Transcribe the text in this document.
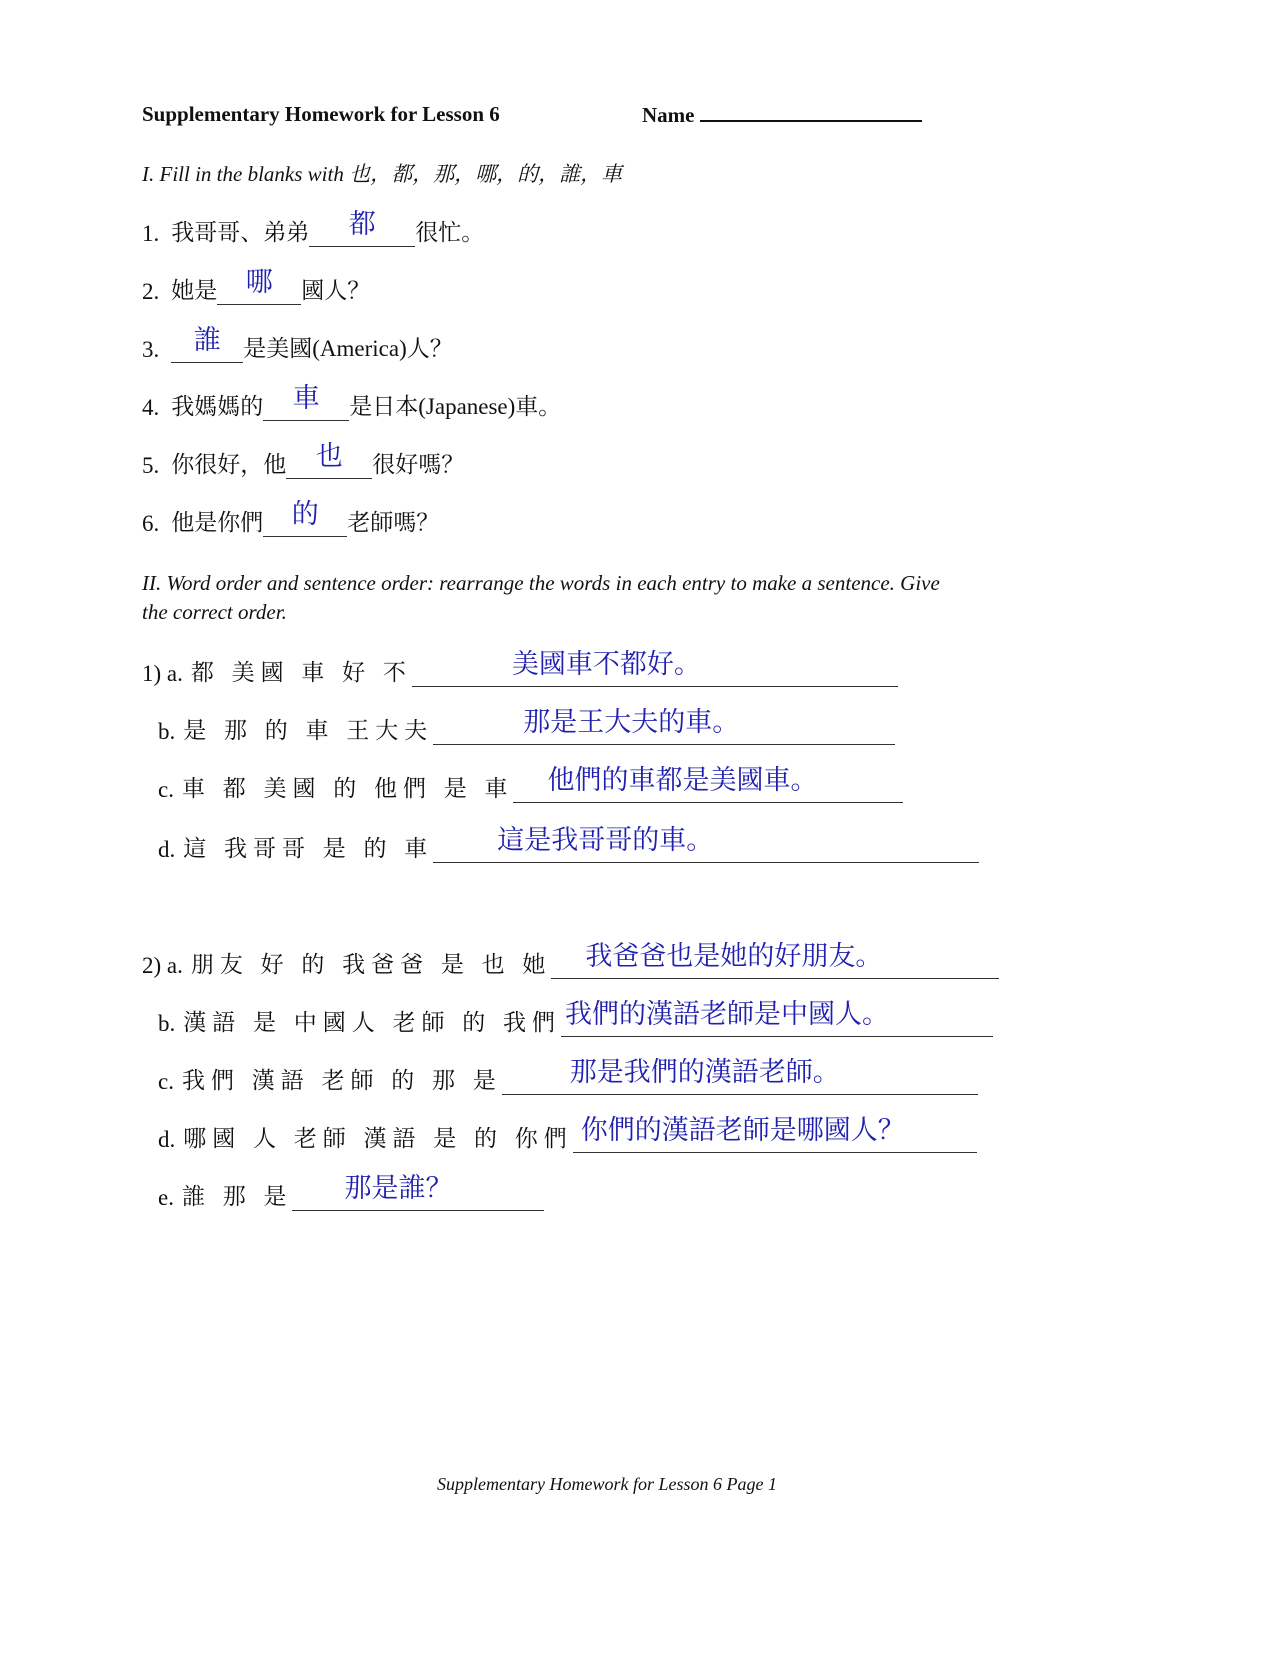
Supplementary Homework for Lesson 6	Name
I. Fill in the blanks with 也，都，那，哪，的，誰，車
1. 我哥哥、弟弟	都	很忙。
2. 她是	哪	國人？
3.	誰 是美國(America)人？
4. 我媽媽的	車	是日本(Japanese)車。
5. 你很好，他	也	很好嗎？
6. 他是你們	的	老師嗎？
II. Word order and sentence order: rearrange the words in each entry to make a sentence. Give
the correct order.
1) a. 都 美國 車 好 不	美國車不都好。
b. 是 那 的 車 王大夫	那是王大夫的車。
c. 車 都 美國 的 他們 是 車	他們的車都是美國車。
d. 這 我哥哥 是 的 車	這是我哥哥的車。
2) a. 朋友 好 的 我爸爸 是 也 她	我爸爸也是她的好朋友。
b. 漢語 是 中國人 老師 的 我們 我們的漢語老師是中國人。
c. 我們 漢語 老師 的 那 是	那是我們的漢語老師。
d. 哪國 人 老師 漢語 是 的 你們 你們的漢語老師是哪國人？
e. 誰 那 是	那是誰？
Supplementary Homework for Lesson 6 Page 1
